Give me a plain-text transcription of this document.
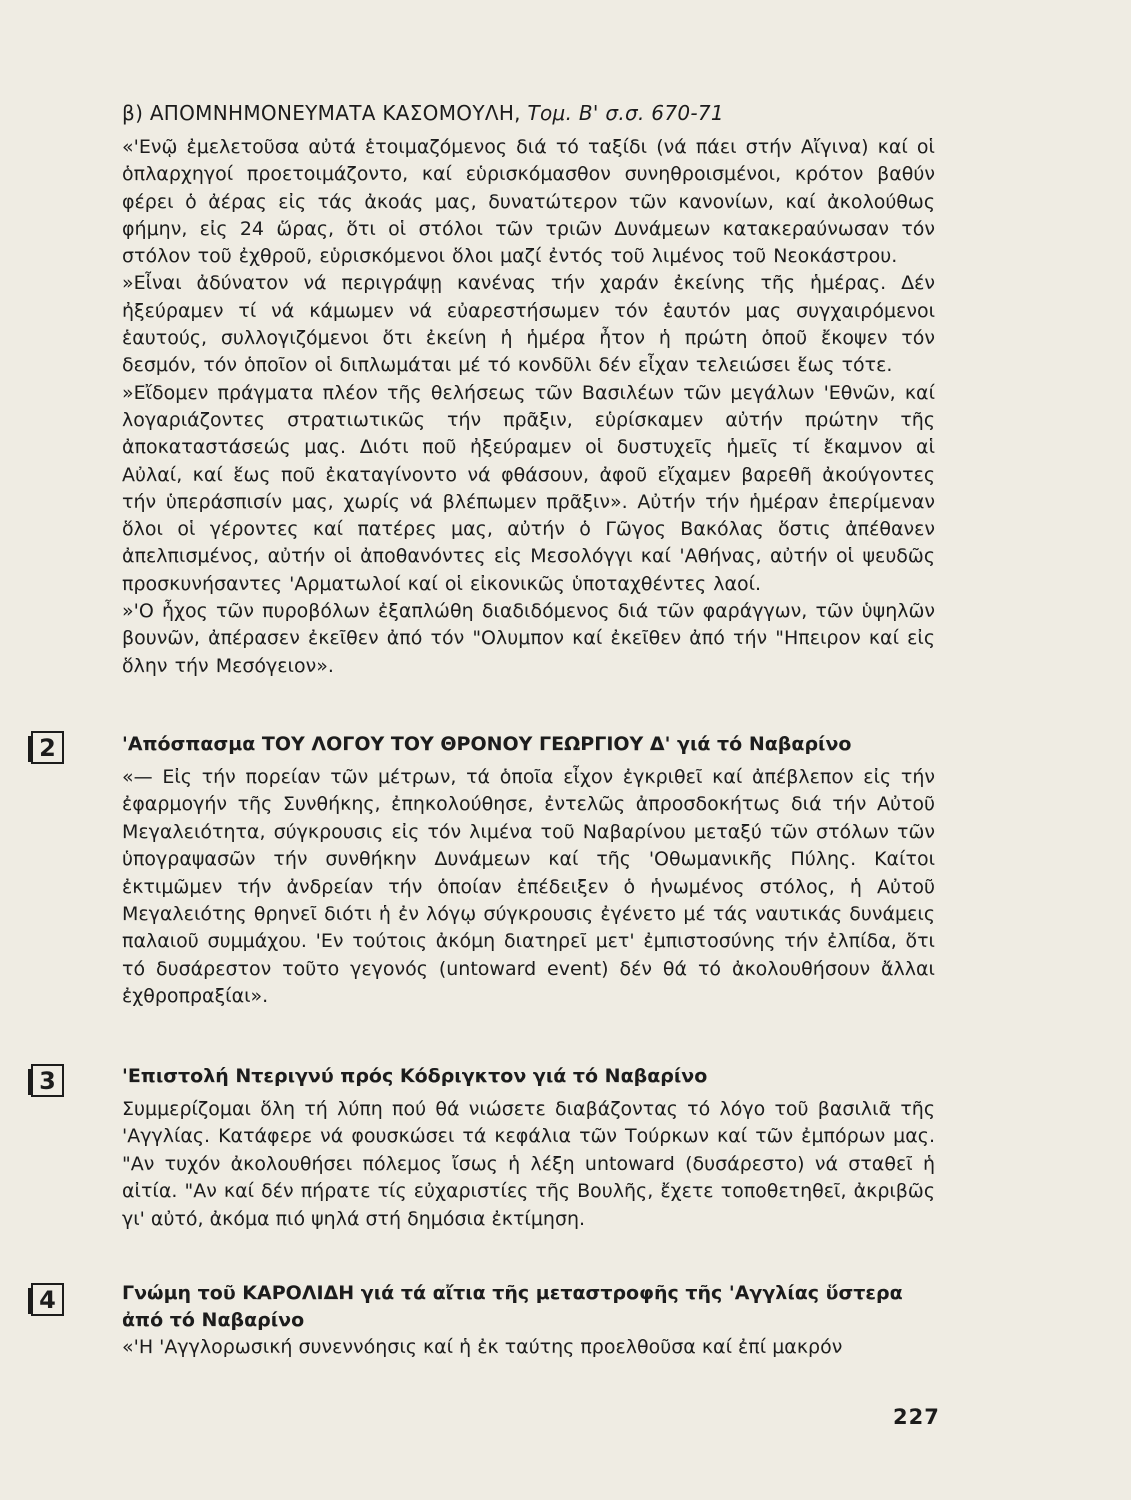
β) ΑΠΟΜΝΗΜΟΝΕΥΜΑΤΑ ΚΑΣΟΜΟΥΛΗ, Τομ. Β' σ.σ. 670-71

«'Ενῷ ἐμελετοῦσα αὐτά ἑτοιμαζόμενος διά τό ταξίδι (νά πάει στήν Αἴγινα) καί οἱ ὁπλαρχηγοί προετοιμάζοντο, καί εὑρισκόμασθον συνηθροισμένοι, κρότον βαθύν φέρει ὁ ἀέρας εἰς τάς ἀκοάς μας, δυνατώτερον τῶν κανονίων, καί ἀκολούθως φήμην, εἰς 24 ὥρας, ὅτι οἱ στόλοι τῶν τριῶν Δυνάμεων κατακεραύνωσαν τόν στόλον τοῦ ἐχθροῦ, εὑρισκόμενοι ὅλοι μαζί ἐντός τοῦ λιμένος τοῦ Νεοκάστρου.

»Εἶναι ἀδύνατον νά περιγράψῃ κανένας τήν χαράν ἐκείνης τῆς ἡμέρας. Δέν ἠξεύραμεν τί νά κάμωμεν νά εὐαρεστήσωμεν τόν ἑαυτόν μας συγχαιρόμενοι ἑαυτούς, συλλογιζόμενοι ὅτι ἐκείνη ἡ ἡμέρα ἦτον ἡ πρώτη ὁποῦ ἔκοψεν τόν δεσμόν, τόν ὁποῖον οἱ διπλωμάται μέ τό κονδῦλι δέν εἶχαν τελειώσει ἕως τότε.

»Εἴδομεν πράγματα πλέον τῆς θελήσεως τῶν Βασιλέων τῶν μεγάλων 'Εθνῶν, καί λογαριάζοντες στρατιωτικῶς τήν πρᾶξιν, εὑρίσκαμεν αὐτήν πρώτην τῆς ἀποκαταστάσεώς μας. Διότι ποῦ ἠξεύραμεν οἱ δυστυχεῖς ἡμεῖς τί ἔκαμνον αἱ Αὐλαί, καί ἕως ποῦ ἐκαταγίνοντο νά φθάσουν, ἀφοῦ εἴχαμεν βαρεθῆ ἀκούγοντες τήν ὑπεράσπισίν μας, χωρίς νά βλέπωμεν πρᾶξιν». Αὐτήν τήν ἡμέραν ἐπερίμεναν ὅλοι οἱ γέροντες καί πατέρες μας, αὐτήν ὁ Γῶγος Βακόλας ὅστις ἀπέθανεν ἀπελπισμένος, αὐτήν οἱ ἀποθανόντες εἰς Μεσολόγγι καί 'Αθήνας, αὐτήν οἱ ψευδῶς προσκυνήσαντες 'Αρματωλοί καί οἱ εἰκονικῶς ὑποταχθέντες λαοί.

»'Ο ἦχος τῶν πυροβόλων ἐξαπλώθη διαδιδόμενος διά τῶν φαράγγων, τῶν ὑψηλῶν βουνῶν, ἀπέρασεν ἐκεῖθεν ἀπό τόν "Ολυμπον καί ἐκεῖθεν ἀπό τήν "Ηπειρον καί εἰς ὅλην τήν Μεσόγειον».

2	'Απόσπασμα ΤΟΥ ΛΟΓΟΥ ΤΟΥ ΘΡΟΝΟΥ ΓΕΩΡΓΙΟΥ Δ' γιά τό Ναβαρίνο

«— Εἰς τήν πορείαν τῶν μέτρων, τά ὁποῖα εἶχον ἐγκριθεῖ καί ἀπέβλεπον εἰς τήν ἐφαρμογήν τῆς Συνθήκης, ἐπηκολούθησε, ἐντελῶς ἀπροσδοκήτως διά τήν Αὐτοῦ Μεγαλειότητα, σύγκρουσις εἰς τόν λιμένα τοῦ Ναβαρίνου μεταξύ τῶν στόλων τῶν ὑπογραψασῶν τήν συνθήκην Δυνάμεων καί τῆς 'Οθωμανικῆς Πύλης. Καίτοι ἐκτιμῶμεν τήν ἀνδρείαν τήν ὁποίαν ἐπέδειξεν ὁ ἡνωμένος στόλος, ἡ Αὐτοῦ Μεγαλειότης θρηνεῖ διότι ἡ ἐν λόγῳ σύγκρουσις ἐγένετο μέ τάς ναυτικάς δυνάμεις παλαιοῦ συμμάχου. 'Εν τούτοις ἀκόμη διατηρεῖ μετ' ἐμπιστοσύνης τήν ἐλπίδα, ὅτι τό δυσάρεστον τοῦτο γεγονός (untoward event) δέν θά τό ἀκολουθήσουν ἄλλαι ἐχθροπραξίαι».

3	'Επιστολή Ντεριγνύ πρός Κόδριγκτον γιά τό Ναβαρίνο

Συμμερίζομαι ὅλη τή λύπη πού θά νιώσετε διαβάζοντας τό λόγο τοῦ βασιλιᾶ τῆς 'Αγγλίας. Κατάφερε νά φουσκώσει τά κεφάλια τῶν Τούρκων καί τῶν ἐμπόρων μας. "Αν τυχόν ἀκολουθήσει πόλεμος ἴσως ἡ λέξη untoward (δυσάρεστο) νά σταθεῖ ἡ αἰτία. "Αν καί δέν πήρατε τίς εὐχαριστίες τῆς Βουλῆς, ἔχετε τοποθετηθεῖ, ἀκριβῶς γι' αὐτό, ἀκόμα πιό ψηλά στή δημόσια ἐκτίμηση.

4	Γνώμη τοῦ ΚΑΡΟΛΙΔΗ γιά τά αἴτια τῆς μεταστροφῆς τῆς 'Αγγλίας ὕστερα ἀπό τό Ναβαρίνο

«'Η 'Αγγλορωσική συνεννόησις καί ἡ ἐκ ταύτης προελθοῦσα καί ἐπί μακρόν

227
